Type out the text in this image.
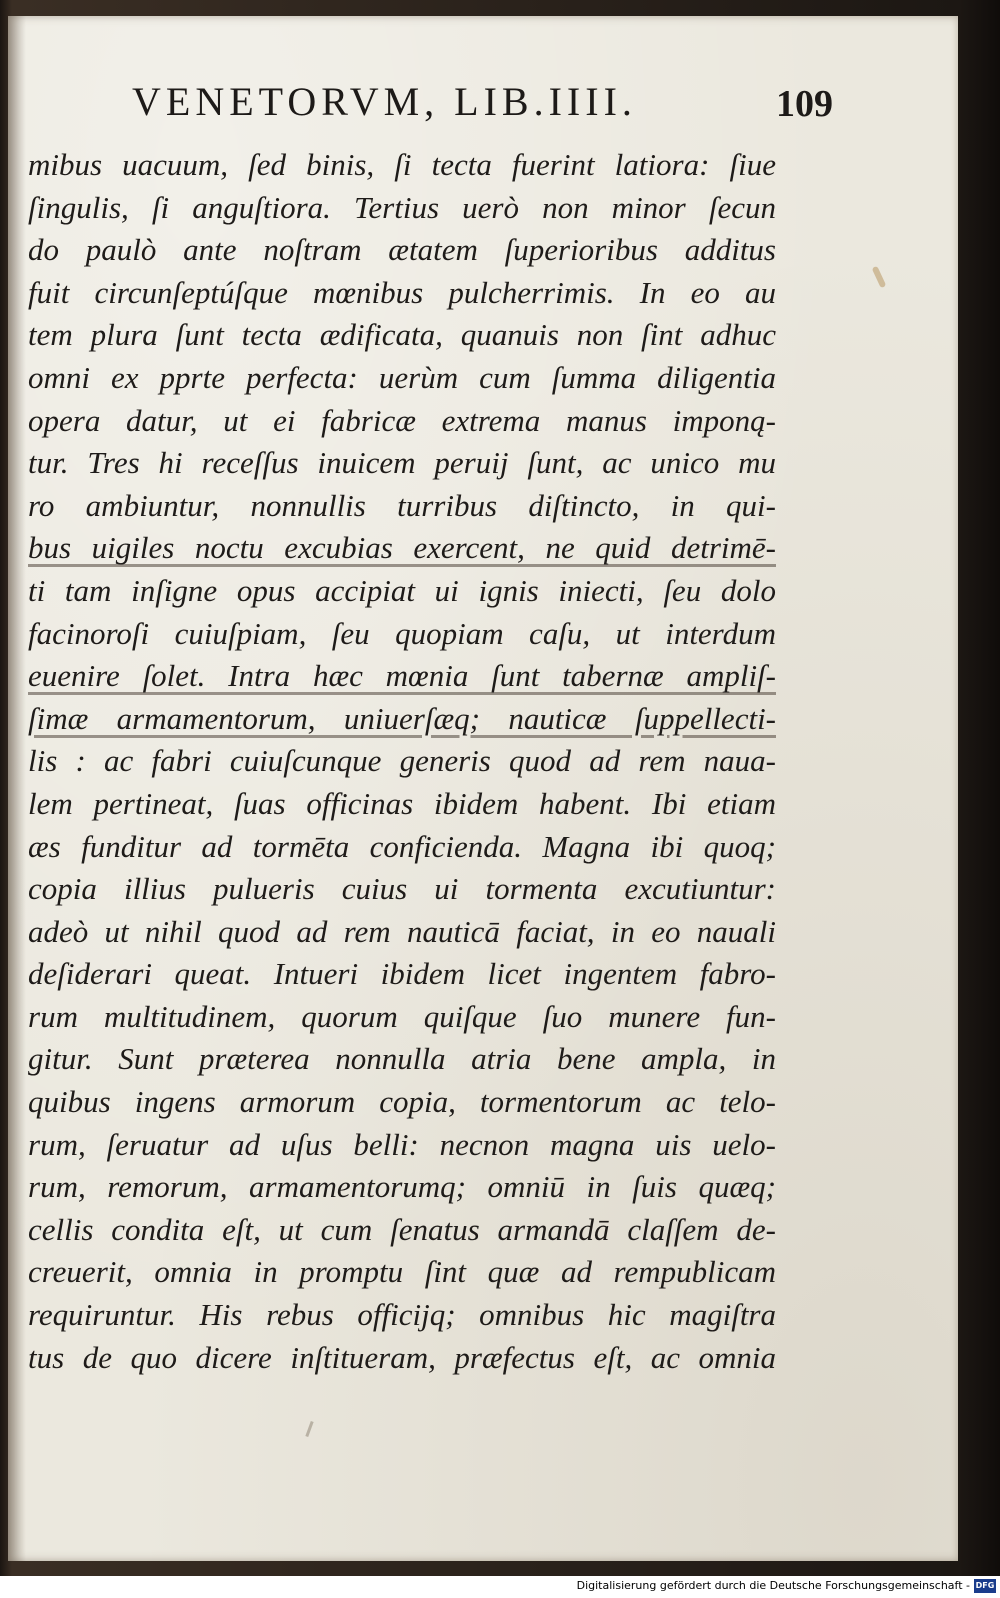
VENETORVM, LIB.IIII.	109
mibus uacuum, ſed binis, ſi tecta fuerint latiora: ſiue
ſingulis, ſi anguſtiora. Tertius uerò non minor ſecun
do paulò ante noſtram ætatem ſuperioribus additus
fuit circunſeptúſque mœnibus pulcherrimis. In eo au
tem plura ſunt tecta ædificata, quanuis non ſint adhuc
omni ex pprte perfecta: uerùm cum ſumma diligentia
opera datur, ut ei fabricæ extrema manus imponą-
tur. Tres hi receſſus inuicem peruij ſunt, ac unico mu
ro ambiuntur, nonnullis turribus diſtincto, in qui-
bus uigiles noctu excubias exercent, ne quid detrimē-
ti tam inſigne opus accipiat ui ignis iniecti, ſeu dolo
facinoroſi cuiuſpiam, ſeu quopiam caſu, ut interdum
euenire ſolet. Intra hæc mœnia ſunt tabernæ ampliſ-
ſimæ armamentorum, uniuerſæq; nauticæ ſuppellecti-
lis : ac fabri cuiuſcunque generis quod ad rem naua-
lem pertineat, ſuas officinas ibidem habent. Ibi etiam
æs funditur ad tormēta conficienda. Magna ibi quoq;
copia illius pulueris cuius ui tormenta excutiuntur:
adeò ut nihil quod ad rem nauticā faciat, in eo nauali
deſiderari queat. Intueri ibidem licet ingentem fabro-
rum multitudinem, quorum quiſque ſuo munere fun-
gitur. Sunt præterea nonnulla atria bene ampla, in
quibus ingens armorum copia, tormentorum ac telo-
rum, ſeruatur ad uſus belli: necnon magna uis uelo-
rum, remorum, armamentorumq; omniū in ſuis quæq;
cellis condita eſt, ut cum ſenatus armandā claſſem de-
creuerit, omnia in promptu ſint quæ ad rempublicam
requiruntur. His rebus officijq; omnibus hic magiſtra
tus de quo dicere inſtitueram, præfectus eſt, ac omnia
Digitalisierung gefördert durch die Deutsche Forschungsgemeinschaft - DFG
